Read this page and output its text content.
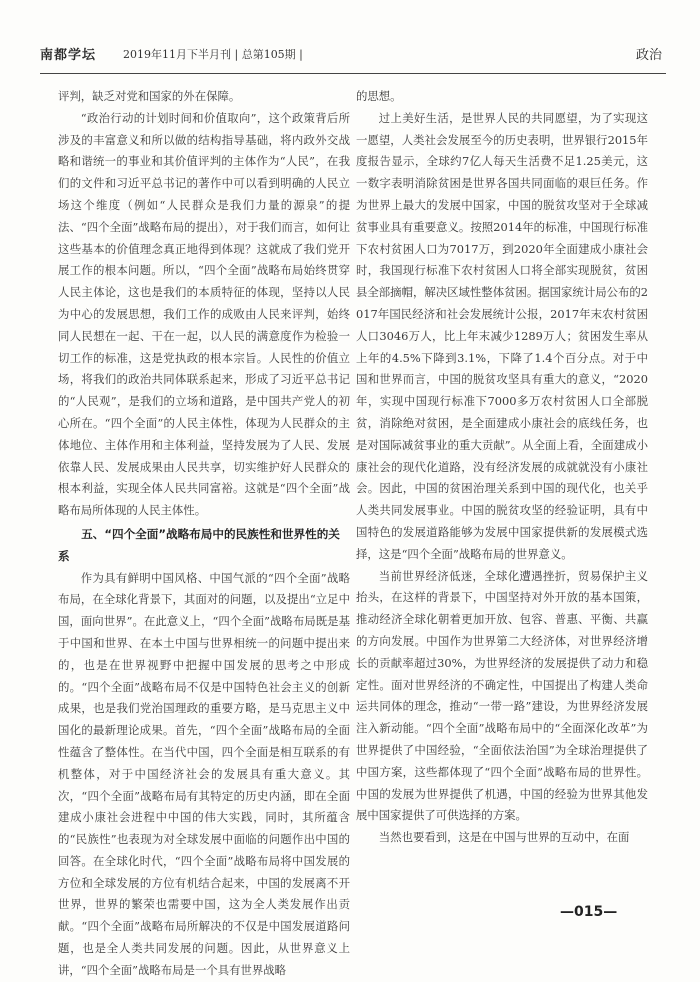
南都学坛 2019年11月下半月刊 | 总第105期 |	政治

评判，缺乏对党和国家的外在保障。

“政治行动的计划时间和价值取向”，这个政策背后所涉及的丰富意义和所以做的结构指导基础，将内政外交战略和谐统一的事业和其价值评判的主体作为“人民”，在我们的文件和习近平总书记的著作中可以看到明确的人民立场这个维度（例如“人民群众是我们力量的源泉”的提法、“四个全面”战略布局的提出），对于我们而言，如何让这些基本的价值理念真正地得到体现？这就成了我们党开展工作的根本问题。所以，“四个全面”战略布局始终贯穿人民主体论，这也是我们的本质特征的体现，坚持以人民为中心的发展思想，我们工作的成败由人民来评判，始终同人民想在一起、干在一起，以人民的满意度作为检验一切工作的标准，这是党执政的根本宗旨。人民性的价值立场，将我们的政治共同体联系起来，形成了习近平总书记的“人民观”，是我们的立场和道路，是中国共产党人的初心所在。“四个全面”的人民主体性，体现为人民群众的主体地位、主体作用和主体利益，坚持发展为了人民、发展依靠人民、发展成果由人民共享，切实维护好人民群众的根本利益，实现全体人民共同富裕。这就是“四个全面”战略布局所体现的人民主体性。

五、“四个全面”战略布局中的民族性和世界性的关系

作为具有鲜明中国风格、中国气派的“四个全面”战略布局，在全球化背景下，其面对的问题，以及提出“立足中国，面向世界”。在此意义上，“四个全面”战略布局既是基于中国和世界、在本土中国与世界相统一的问题中提出来的，也是在世界视野中把握中国发展的思考之中形成的。“四个全面”战略布局不仅是中国特色社会主义的创新成果，也是我们党治国理政的重要方略，是马克思主义中国化的最新理论成果。首先，“四个全面”战略布局的全面性蕴含了整体性。在当代中国，四个全面是相互联系的有机整体，对于中国经济社会的发展具有重大意义。其次，“四个全面”战略布局有其特定的历史内涵，即在全面建成小康社会进程中中国的伟大实践，同时，其所蕴含的“民族性”也表现为对全球发展中面临的问题作出中国的回答。在全球化时代，“四个全面”战略布局将中国发展的方位和全球发展的方位有机结合起来，中国的发展离不开世界，世界的繁荣也需要中国，这为全人类发展作出贡献。“四个全面”战略布局所解决的不仅是中国发展道路问题，也是全人类共同发展的问题。因此，从世界意义上讲，“四个全面”战略布局是一个具有世界战略

的思想。

过上美好生活，是世界人民的共同愿望，为了实现这一愿望，人类社会发展至今的历史表明，世界银行2015年度报告显示，全球约7亿人每天生活费不足1.25美元，这一数字表明消除贫困是世界各国共同面临的艰巨任务。作为世界上最大的发展中国家，中国的脱贫攻坚对于全球减贫事业具有重要意义。按照2014年的标准，中国现行标准下农村贫困人口为7017万，到2020年全面建成小康社会时，我国现行标准下农村贫困人口将全部实现脱贫，贫困县全部摘帽，解决区域性整体贫困。据国家统计局公布的2017年国民经济和社会发展统计公报，2017年末农村贫困人口3046万人，比上年末减少1289万人；贫困发生率从上年的4.5%下降到3.1%，下降了1.4个百分点。对于中国和世界而言，中国的脱贫攻坚具有重大的意义，“2020年，实现中国现行标准下7000多万农村贫困人口全部脱贫，消除绝对贫困，是全面建成小康社会的底线任务，也是对国际减贫事业的重大贡献”。从全面上看，全面建成小康社会的现代化道路，没有经济发展的成就就没有小康社会。因此，中国的贫困治理关系到中国的现代化，也关乎人类共同发展事业。中国的脱贫攻坚的经验证明，具有中国特色的发展道路能够为发展中国家提供新的发展模式选择，这是“四个全面”战略布局的世界意义。

当前世界经济低迷，全球化遭遇挫折，贸易保护主义抬头，在这样的背景下，中国坚持对外开放的基本国策，推动经济全球化朝着更加开放、包容、普惠、平衡、共赢的方向发展。中国作为世界第二大经济体，对世界经济增长的贡献率超过30%，为世界经济的发展提供了动力和稳定性。面对世界经济的不确定性，中国提出了构建人类命运共同体的理念，推动“一带一路”建设，为世界经济发展注入新动能。“四个全面”战略布局中的“全面深化改革”为世界提供了中国经验，“全面依法治国”为全球治理提供了中国方案，这些都体现了“四个全面”战略布局的世界性。中国的发展为世界提供了机遇，中国的经验为世界其他发展中国家提供了可供选择的方案。

当然也要看到，这是在中国与世界的互动中，在面

—015—
